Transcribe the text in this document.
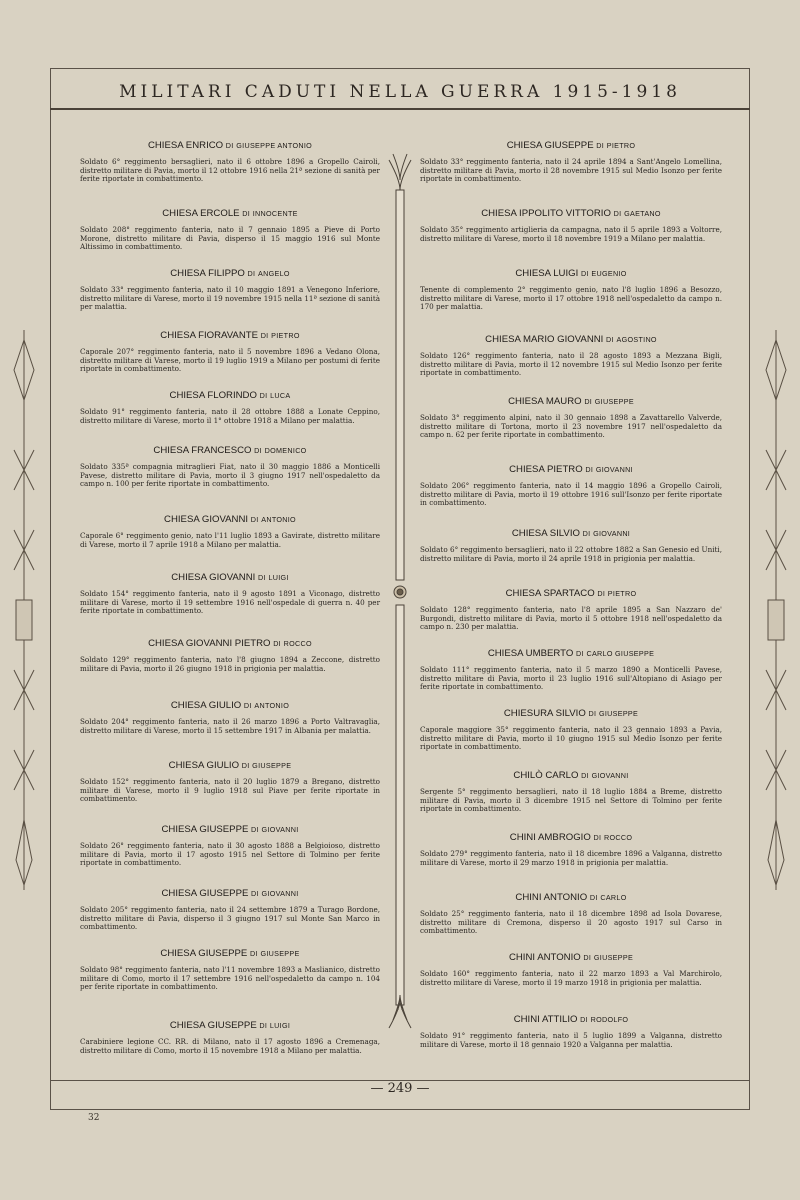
MILITARI CADUTI NELLA GUERRA 1915-1918
CHIESA ENRICO DI GIUSEPPE ANTONIO
Soldato 6° reggimento bersaglieri, nato il 6 ottobre 1896 a Gropello Cairoli, distretto militare di Pavia, morto il 12 ottobre 1916 nella 21ª sezione di sanità per ferite riportate in combattimento.
CHIESA ERCOLE DI INNOCENTE
Soldato 208° reggimento fanteria, nato il 7 gennaio 1895 a Pieve di Porto Morone, distretto militare di Pavia, disperso il 15 maggio 1916 sul Monte Altissimo in combattimento.
CHIESA FILIPPO DI ANGELO
Soldato 33° reggimento fanteria, nato il 10 maggio 1891 a Venegono Inferiore, distretto militare di Varese, morto il 19 novembre 1915 nella 11ª sezione di sanità per malattia.
CHIESA FIORAVANTE DI PIETRO
Caporale 207° reggimento fanteria, nato il 5 novembre 1896 a Vedano Olona, distretto militare di Varese, morto il 19 luglio 1919 a Milano per postumi di ferite riportate in combattimento.
CHIESA FLORINDO DI LUCA
Soldato 91° reggimento fanteria, nato il 28 ottobre 1888 a Lonate Ceppino, distretto militare di Varese, morto il 1° ottobre 1918 a Milano per malattia.
CHIESA FRANCESCO DI DOMENICO
Soldato 335ª compagnia mitraglieri Fiat, nato il 30 maggio 1886 a Monticelli Pavese, distretto militare di Pavia, morto il 3 giugno 1917 nell'ospedaletto da campo n. 100 per ferite riportate in combattimento.
CHIESA GIOVANNI DI ANTONIO
Caporale 6° reggimento genio, nato l'11 luglio 1893 a Gavirate, distretto militare di Varese, morto il 7 aprile 1918 a Milano per malattia.
CHIESA GIOVANNI DI LUIGI
Soldato 154° reggimento fanteria, nato il 9 agosto 1891 a Viconago, distretto militare di Varese, morto il 19 settembre 1916 nell'ospedale di guerra n. 40 per ferite riportate in combattimento.
CHIESA GIOVANNI PIETRO DI ROCCO
Soldato 129° reggimento fanteria, nato l'8 giugno 1894 a Zeccone, distretto militare di Pavia, morto il 26 giugno 1918 in prigionia per malattia.
CHIESA GIULIO DI ANTONIO
Soldato 204° reggimento fanteria, nato il 26 marzo 1896 a Porto Valtravaglia, distretto militare di Varese, morto il 15 settembre 1917 in Albania per malattia.
CHIESA GIULIO DI GIUSEPPE
Soldato 152° reggimento fanteria, nato il 20 luglio 1879 a Bregano, distretto militare di Varese, morto il 9 luglio 1918 sul Piave per ferite riportate in combattimento.
CHIESA GIUSEPPE DI GIOVANNI
Soldato 26° reggimento fanteria, nato il 30 agosto 1888 a Belgioioso, distretto militare di Pavia, morto il 17 agosto 1915 nel Settore di Tolmino per ferite riportate in combattimento.
CHIESA GIUSEPPE DI GIOVANNI
Soldato 205° reggimento fanteria, nato il 24 settembre 1879 a Turago Bordone, distretto militare di Pavia, disperso il 3 giugno 1917 sul Monte San Marco in combattimento.
CHIESA GIUSEPPE DI GIUSEPPE
Soldato 98° reggimento fanteria, nato l'11 novembre 1893 a Maslianico, distretto militare di Como, morto il 17 settembre 1916 nell'ospedaletto da campo n. 104 per ferite riportate in combattimento.
CHIESA GIUSEPPE DI LUIGI
Carabiniere legione CC. RR. di Milano, nato il 17 agosto 1896 a Cremenaga, distretto militare di Como, morto il 15 novembre 1918 a Milano per malattia.
CHIESA GIUSEPPE DI PIETRO
Soldato 33° reggimento fanteria, nato il 24 aprile 1894 a Sant'Angelo Lomellina, distretto militare di Pavia, morto il 28 novembre 1915 sul Medio Isonzo per ferite riportate in combattimento.
CHIESA IPPOLITO VITTORIO DI GAETANO
Soldato 35° reggimento artiglieria da campagna, nato il 5 aprile 1893 a Voltorre, distretto militare di Varese, morto il 18 novembre 1919 a Milano per malattia.
CHIESA LUIGI DI EUGENIO
Tenente di complemento 2° reggimento genio, nato l'8 luglio 1896 a Besozzo, distretto militare di Varese, morto il 17 ottobre 1918 nell'ospedaletto da campo n. 170 per malattia.
CHIESA MARIO GIOVANNI DI AGOSTINO
Soldato 126° reggimento fanteria, nato il 28 agosto 1893 a Mezzana Bigli, distretto militare di Pavia, morto il 12 novembre 1915 sul Medio Isonzo per ferite riportate in combattimento.
CHIESA MAURO DI GIUSEPPE
Soldato 3° reggimento alpini, nato il 30 gennaio 1898 a Zavattarello Valverde, distretto militare di Tortona, morto il 23 novembre 1917 nell'ospedaletto da campo n. 62 per ferite riportate in combattimento.
CHIESA PIETRO DI GIOVANNI
Soldato 206° reggimento fanteria, nato il 14 maggio 1896 a Gropello Cairoli, distretto militare di Pavia, morto il 19 ottobre 1916 sull'Isonzo per ferite riportate in combattimento.
CHIESA SILVIO DI GIOVANNI
Soldato 6° reggimento bersaglieri, nato il 22 ottobre 1882 a San Genesio ed Uniti, distretto militare di Pavia, morto il 24 aprile 1918 in prigionia per malattia.
CHIESA SPARTACO DI PIETRO
Soldato 128° reggimento fanteria, nato l'8 aprile 1895 a San Nazzaro de' Burgondi, distretto militare di Pavia, morto il 5 ottobre 1918 nell'ospedaletto da campo n. 230 per malattia.
CHIESA UMBERTO DI CARLO GIUSEPPE
Soldato 111° reggimento fanteria, nato il 5 marzo 1890 a Monticelli Pavese, distretto militare di Pavia, morto il 23 luglio 1916 sull'Altopiano di Asiago per ferite riportate in combattimento.
CHIESURA SILVIO DI GIUSEPPE
Caporale maggiore 35° reggimento fanteria, nato il 23 gennaio 1893 a Pavia, distretto militare di Pavia, morto il 10 giugno 1915 sul Medio Isonzo per ferite riportate in combattimento.
CHILÒ CARLO DI GIOVANNI
Sergente 5° reggimento bersaglieri, nato il 18 luglio 1884 a Breme, distretto militare di Pavia, morto il 3 dicembre 1915 nel Settore di Tolmino per ferite riportate in combattimento.
CHINI AMBROGIO DI ROCCO
Soldato 279° reggimento fanteria, nato il 18 dicembre 1896 a Valganna, distretto militare di Varese, morto il 29 marzo 1918 in prigionia per malattia.
CHINI ANTONIO DI CARLO
Soldato 25° reggimento fanteria, nato il 18 dicembre 1898 ad Isola Dovarese, distretto militare di Cremona, disperso il 20 agosto 1917 sul Carso in combattimento.
CHINI ANTONIO DI GIUSEPPE
Soldato 160° reggimento fanteria, nato il 22 marzo 1893 a Val Marchirolo, distretto militare di Varese, morto il 19 marzo 1918 in prigionia per malattia.
CHINI ATTILIO DI RODOLFO
Soldato 91° reggimento fanteria, nato il 5 luglio 1899 a Valganna, distretto militare di Varese, morto il 18 gennaio 1920 a Valganna per malattia.
— 249 —
32
